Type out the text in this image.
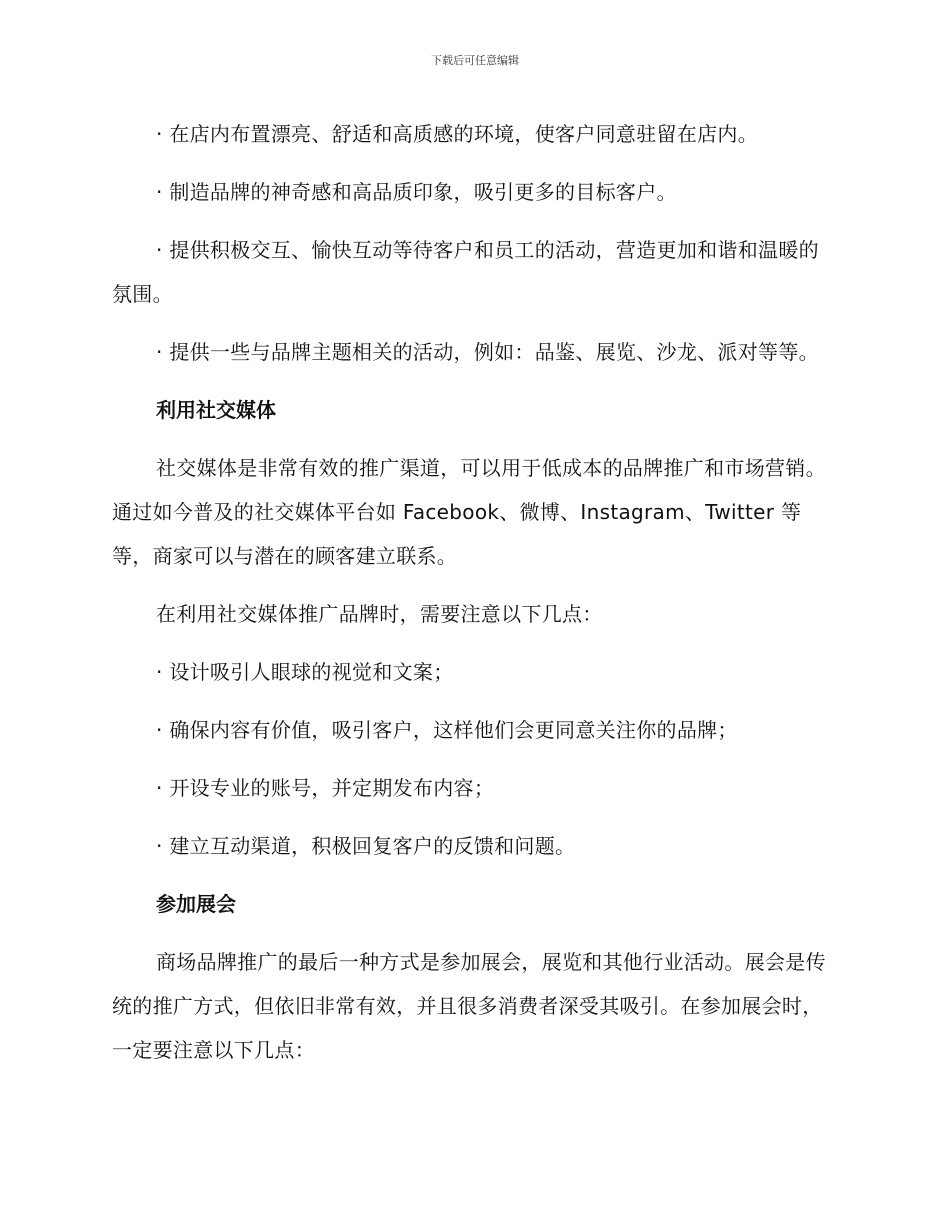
下载后可任意编辑

· 在店内布置漂亮、舒适和高质感的环境，使客户同意驻留在店内。

· 制造品牌的神奇感和高品质印象，吸引更多的目标客户。

· 提供积极交互、愉快互动等待客户和员工的活动，营造更加和谐和温暖的氛围。

· 提供一些与品牌主题相关的活动，例如：品鉴、展览、沙龙、派对等等。

利用社交媒体

社交媒体是非常有效的推广渠道，可以用于低成本的品牌推广和市场营销。通过如今普及的社交媒体平台如 Facebook、微博、Instagram、Twitter 等等，商家可以与潜在的顾客建立联系。

在利用社交媒体推广品牌时，需要注意以下几点：

· 设计吸引人眼球的视觉和文案；

· 确保内容有价值，吸引客户，这样他们会更同意关注你的品牌；

· 开设专业的账号，并定期发布内容；

· 建立互动渠道，积极回复客户的反馈和问题。

参加展会

商场品牌推广的最后一种方式是参加展会，展览和其他行业活动。展会是传统的推广方式，但依旧非常有效，并且很多消费者深受其吸引。在参加展会时，一定要注意以下几点：
